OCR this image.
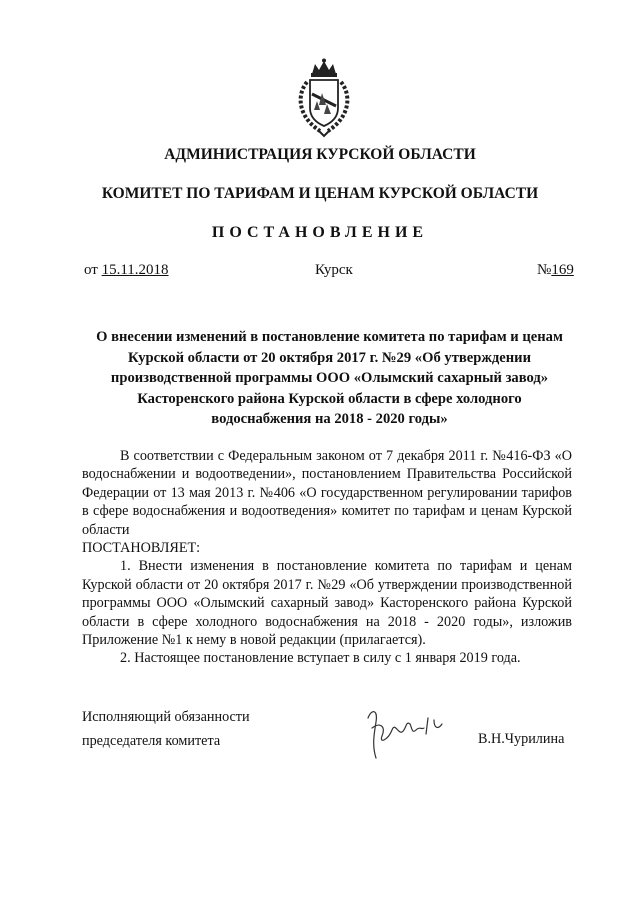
АДМИНИСТРАЦИЯ КУРСКОЙ ОБЛАСТИ
КОМИТЕТ ПО ТАРИФАМ И ЦЕНАМ КУРСКОЙ ОБЛАСТИ
ПОСТАНОВЛЕНИЕ
от 15.11.2018	Курск	№169

О внесении изменений в постановление комитета по тарифам и ценам Курской области от 20 октября 2017 г. №29 «Об утверждении производственной программы ООО «Олымский сахарный завод» Касторенского района Курской области в сфере холодного водоснабжения на 2018 - 2020 годы»

В соответствии с Федеральным законом от 7 декабря 2011 г. №416-ФЗ «О водоснабжении и водоотведении», постановлением Правительства Российской Федерации от 13 мая 2013 г. №406 «О государственном регулировании тарифов в сфере водоснабжения и водоотведения» комитет по тарифам и ценам Курской области

ПОСТАНОВЛЯЕТ:

1. Внести изменения в постановление комитета по тарифам и ценам Курской области от 20 октября 2017 г. №29 «Об утверждении производственной программы ООО «Олымский сахарный завод» Касторенского района Курской области в сфере холодного водоснабжения на 2018 - 2020 годы», изложив Приложение №1 к нему в новой редакции (прилагается).

2. Настоящее постановление вступает в силу с 1 января 2019 года.

Исполняющий обязанности
председателя комитета	В.Н.Чурилина
